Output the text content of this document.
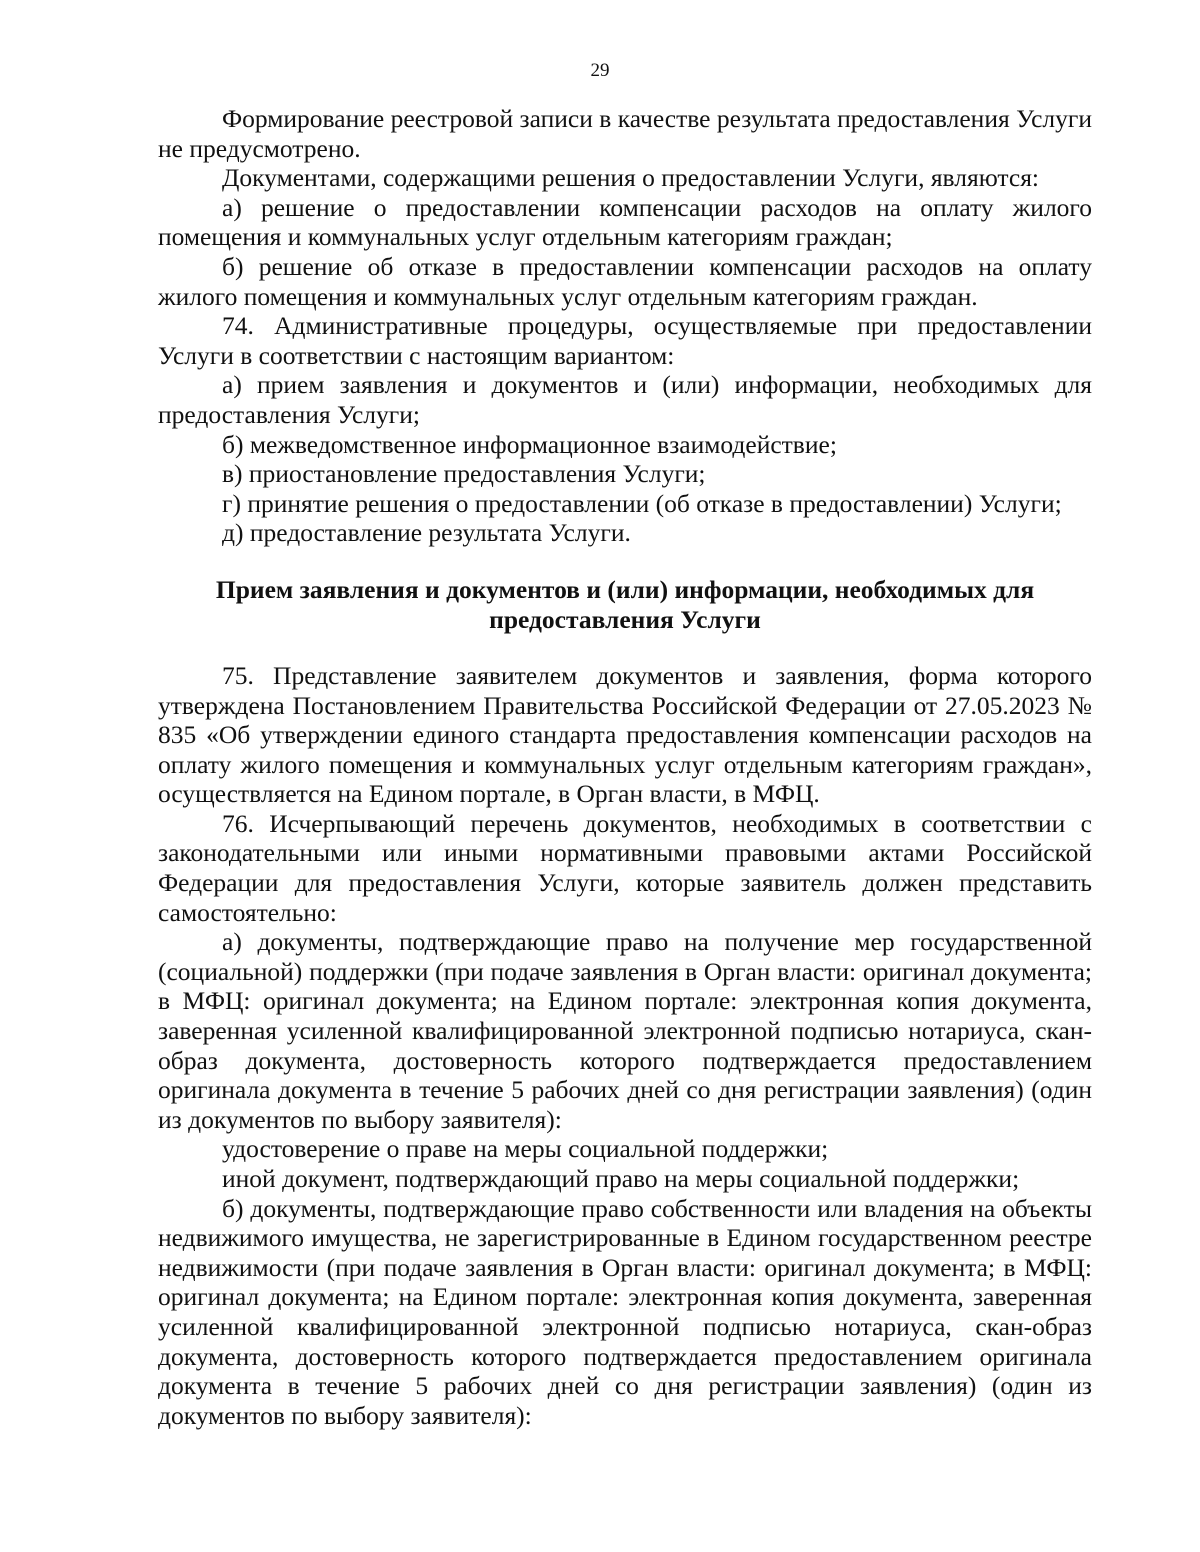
29

Формирование реестровой записи в качестве результата предоставления Услуги не предусмотрено.

Документами, содержащими решения о предоставлении Услуги, являются:

а) решение о предоставлении компенсации расходов на оплату жилого помещения и коммунальных услуг отдельным категориям граждан;

б) решение об отказе в предоставлении компенсации расходов на оплату жилого помещения и коммунальных услуг отдельным категориям граждан.

74. Административные процедуры, осуществляемые при предоставлении Услуги в соответствии с настоящим вариантом:

а) прием заявления и документов и (или) информации, необходимых для предоставления Услуги;

б) межведомственное информационное взаимодействие;

в) приостановление предоставления Услуги;

г) принятие решения о предоставлении (об отказе в предоставлении) Услуги;

д) предоставление результата Услуги.

Прием заявления и документов и (или) информации, необходимых для
предоставления Услуги

75. Представление заявителем документов и заявления, форма которого утверждена Постановлением Правительства Российской Федерации от 27.05.2023 № 835 «Об утверждении единого стандарта предоставления компенсации расходов на оплату жилого помещения и коммунальных услуг отдельным категориям граждан», осуществляется на Едином портале, в Орган власти, в МФЦ.

76. Исчерпывающий перечень документов, необходимых в соответствии с законодательными или иными нормативными правовыми актами Российской Федерации для предоставления Услуги, которые заявитель должен представить самостоятельно:

а) документы, подтверждающие право на получение мер государственной (социальной) поддержки (при подаче заявления в Орган власти: оригинал документа; в МФЦ: оригинал документа; на Едином портале: электронная копия документа, заверенная усиленной квалифицированной электронной подписью нотариуса, скан-образ документа, достоверность которого подтверждается предоставлением оригинала документа в течение 5 рабочих дней со дня регистрации заявления) (один из документов по выбору заявителя):

удостоверение о праве на меры социальной поддержки;

иной документ, подтверждающий право на меры социальной поддержки;

б) документы, подтверждающие право собственности или владения на объекты недвижимого имущества, не зарегистрированные в Едином государственном реестре недвижимости (при подаче заявления в Орган власти: оригинал документа; в МФЦ: оригинал документа; на Едином портале: электронная копия документа, заверенная усиленной квалифицированной электронной подписью нотариуса, скан-образ документа, достоверность которого подтверждается предоставлением оригинала документа в течение 5 рабочих дней со дня регистрации заявления) (один из документов по выбору заявителя):
